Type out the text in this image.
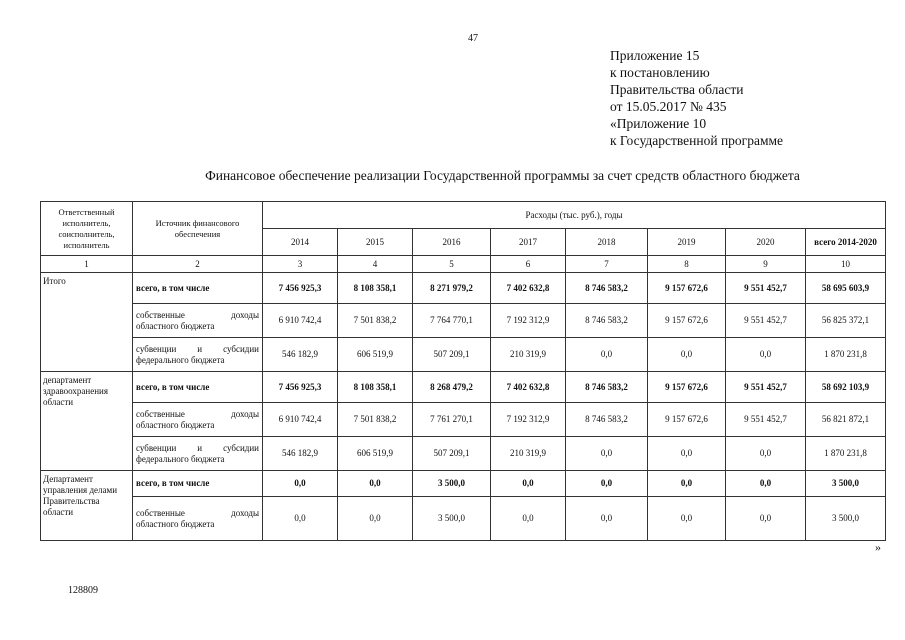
47
Приложение 15
к постановлению
Правительства области
от 15.05.2017 № 435
«Приложение 10
к Государственной программе
Финансовое обеспечение реализации Государственной программы за счет средств областного бюджета
Ответственный исполнитель, соисполнитель, исполнитель	Источник финансового обеспечения	Расходы (тыс. руб.), годы							
		2014	2015	2016	2017	2018	2019	2020	всего 2014-2020
1	2	3	4	5	6	7	8	9	10
Итого	всего, в том числе	7 456 925,3	8 108 358,1	8 271 979,2	7 402 632,8	8 746 583,2	9 157 672,6	9 551 452,7	58 695 603,9
	собственные доходы областного бюджета	6 910 742,4	7 501 838,2	7 764 770,1	7 192 312,9	8 746 583,2	9 157 672,6	9 551 452,7	56 825 372,1
	субвенции и субсидии федерального бюджета	546 182,9	606 519,9	507 209,1	210 319,9	0,0	0,0	0,0	1 870 231,8
департамент здравоохранения области	всего, в том числе	7 456 925,3	8 108 358,1	8 268 479,2	7 402 632,8	8 746 583,2	9 157 672,6	9 551 452,7	58 692 103,9
	собственные доходы областного бюджета	6 910 742,4	7 501 838,2	7 761 270,1	7 192 312,9	8 746 583,2	9 157 672,6	9 551 452,7	56 821 872,1
	субвенции и субсидии федерального бюджета	546 182,9	606 519,9	507 209,1	210 319,9	0,0	0,0	0,0	1 870 231,8
Департамент управления делами Правительства области	всего, в том числе	0,0	0,0	3 500,0	0,0	0,0	0,0	0,0	3 500,0
	собственные доходы областного бюджета	0,0	0,0	3 500,0	0,0	0,0	0,0	0,0	3 500,0
»
128809
